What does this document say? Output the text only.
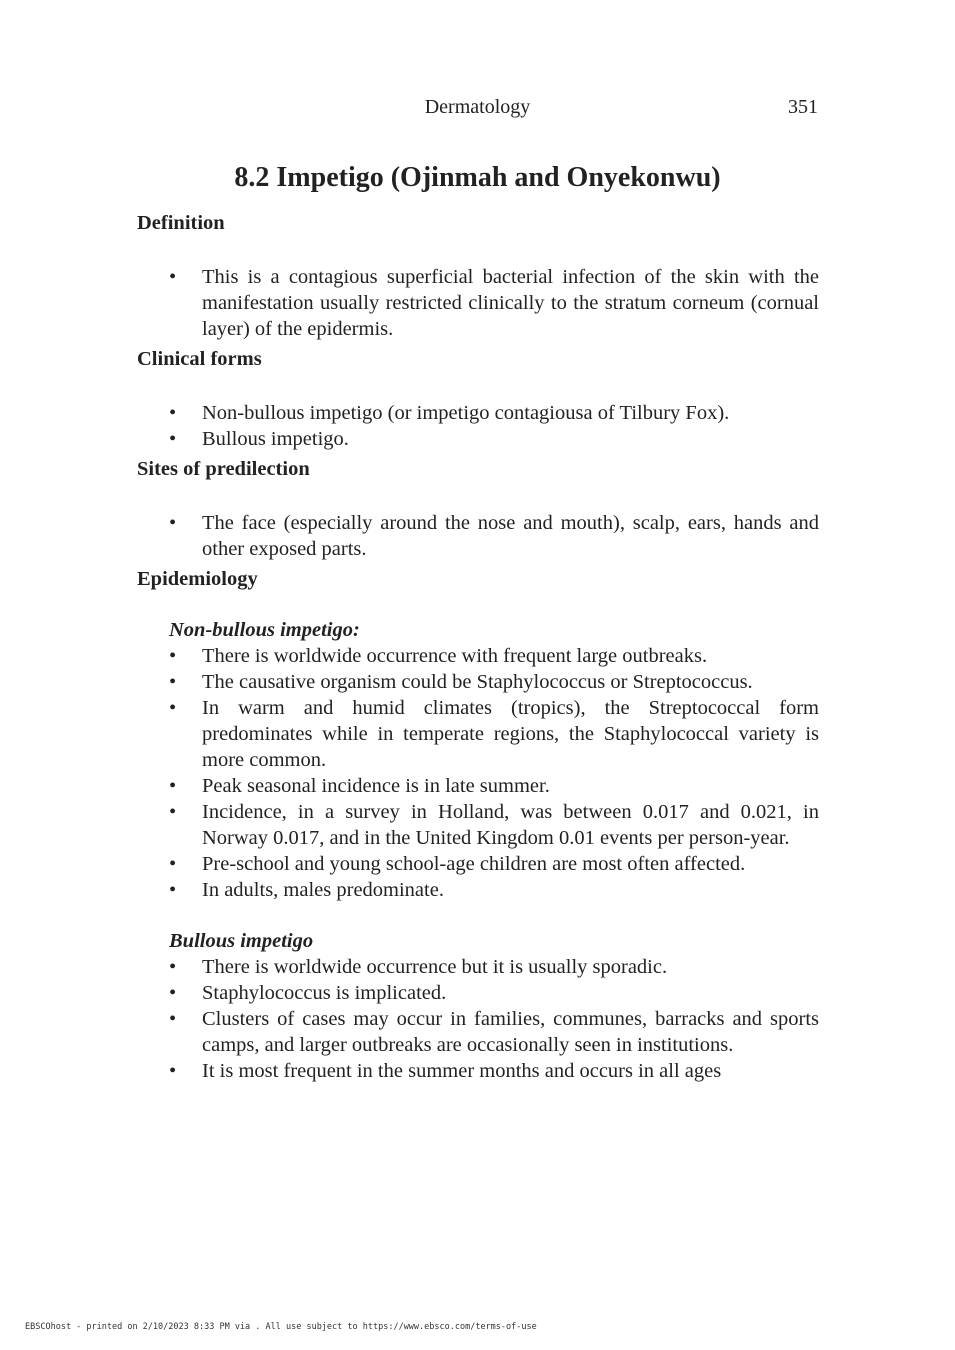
Dermatology	351
8.2 Impetigo (Ojinmah and Onyekonwu)
Definition
• This is a contagious superficial bacterial infection of the skin with the manifestation usually restricted clinically to the stratum corneum (cornual layer) of the epidermis.
Clinical forms
• Non-bullous impetigo (or impetigo contagiousa of Tilbury Fox).
• Bullous impetigo.
Sites of predilection
• The face (especially around the nose and mouth), scalp, ears, hands and other exposed parts.
Epidemiology
Non-bullous impetigo:
• There is worldwide occurrence with frequent large outbreaks.
• The causative organism could be Staphylococcus or Streptococcus.
• In warm and humid climates (tropics), the Streptococcal form predominates while in temperate regions, the Staphylococcal variety is more common.
• Peak seasonal incidence is in late summer.
• Incidence, in a survey in Holland, was between 0.017 and 0.021, in Norway 0.017, and in the United Kingdom 0.01 events per person-year.
• Pre-school and young school-age children are most often affected.
• In adults, males predominate.
Bullous impetigo
• There is worldwide occurrence but it is usually sporadic.
• Staphylococcus is implicated.
• Clusters of cases may occur in families, communes, barracks and sports camps, and larger outbreaks are occasionally seen in institutions.
• It is most frequent in the summer months and occurs in all ages
EBSCOhost - printed on 2/10/2023 8:33 PM via . All use subject to https://www.ebsco.com/terms-of-use
